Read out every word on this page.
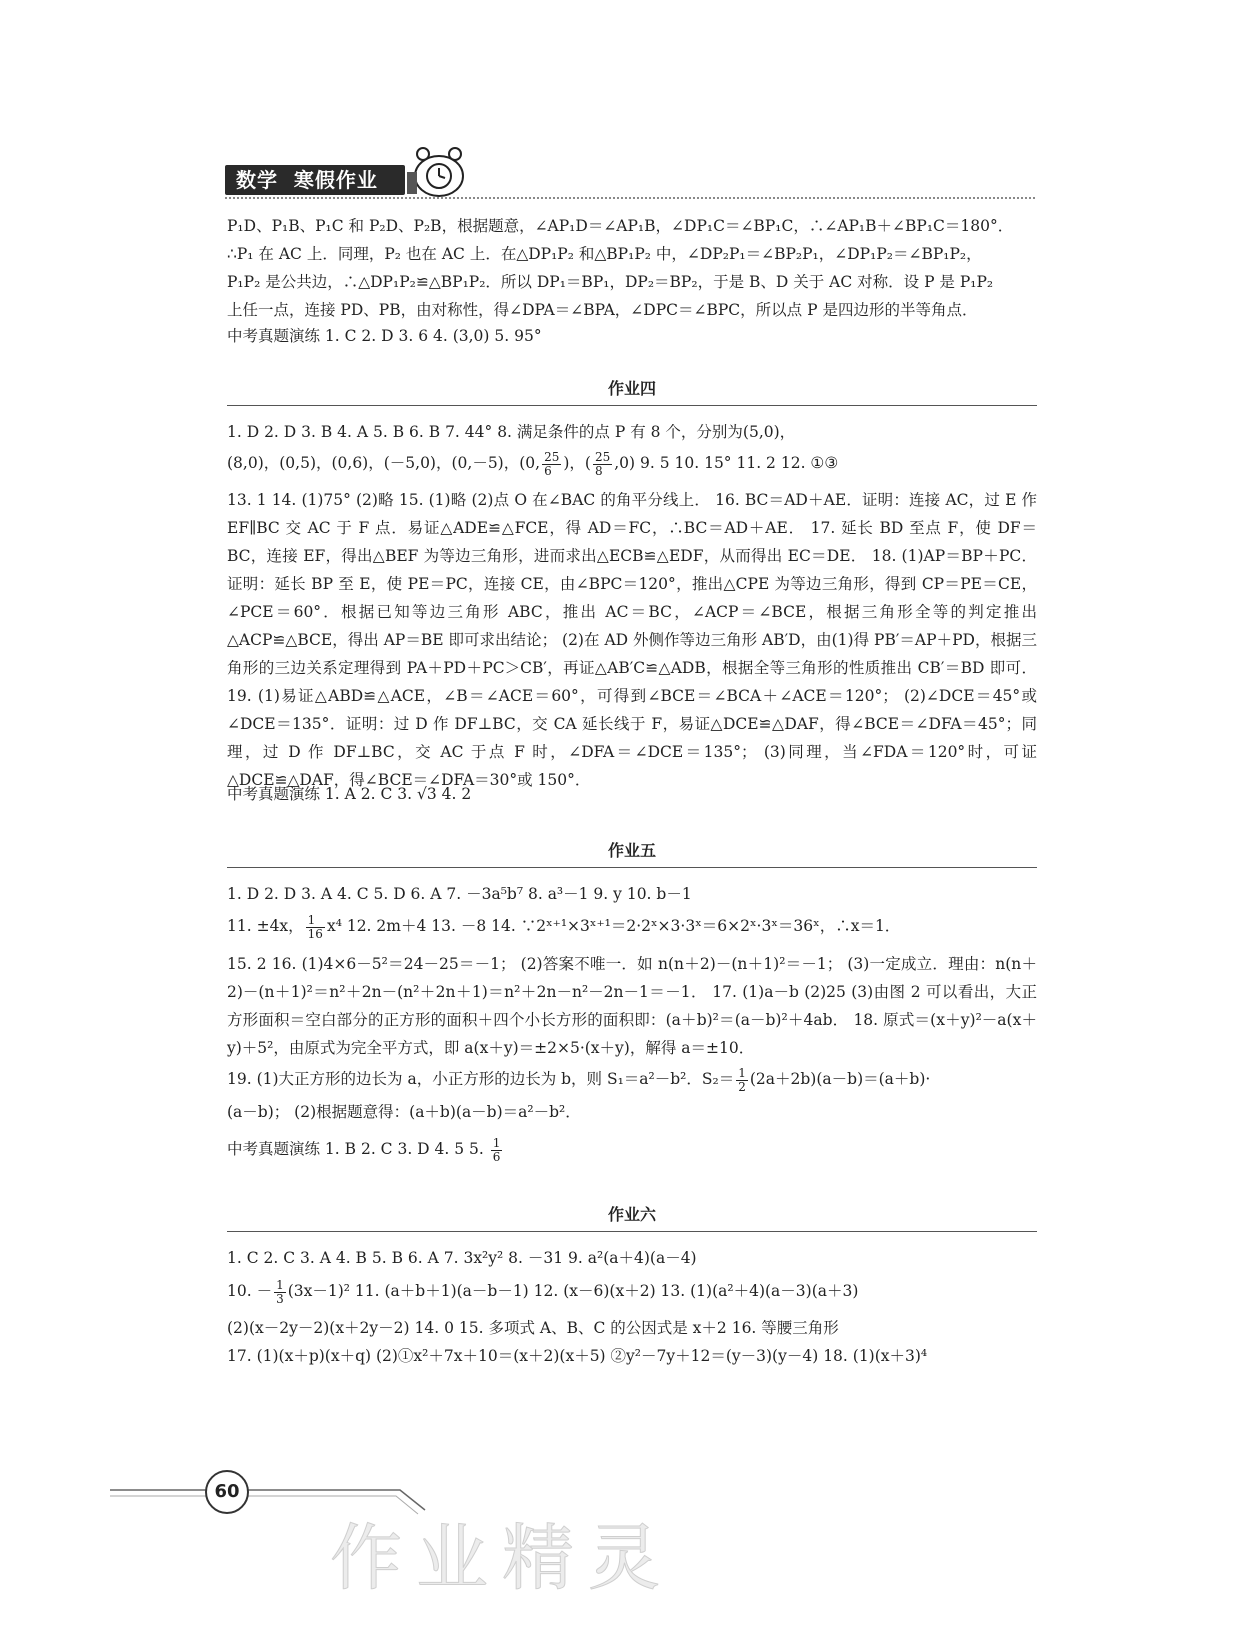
数学  寒假作业
P₁D、P₁B、P₁C 和 P₂D、P₂B，根据题意，∠AP₁D＝∠AP₁B，∠DP₁C＝∠BP₁C，∴∠AP₁B＋∠BP₁C＝180°．
∴P₁ 在 AC 上．同理，P₂ 也在 AC 上．在△DP₁P₂ 和△BP₁P₂ 中，∠DP₂P₁＝∠BP₂P₁，∠DP₁P₂＝∠BP₁P₂，
P₁P₂ 是公共边，∴△DP₁P₂≌△BP₁P₂．所以 DP₁＝BP₁，DP₂＝BP₂，于是 B、D 关于 AC 对称．设 P 是 P₁P₂
上任一点，连接 PD、PB，由对称性，得∠DPA＝∠BPA，∠DPC＝∠BPC，所以点 P 是四边形的半等角点．
中考真题演练 1. C 2. D 3. 6 4. (3,0) 5. 95°
作业四
1. D 2. D 3. B 4. A 5. B 6. B 7. 44° 8. 满足条件的点 P 有 8 个，分别为(5,0)，
(8,0)，(0,5)，(0,6)，(－5,0)，(0,－5)，(0, $\frac{25}{6}$ )，( $\frac{25}{8} ,0$) 9. 5 10. 15° 11. 2 12. ①③
13. 1 14. (1)75° (2)略 15. (1)略 (2)点 O 在∠BAC 的角平分线上． 16. BC＝AD＋AE．证明：连接 AC，过 E 作 EF∥BC 交 AC 于 F 点．易证△ADE≌△FCE，得 AD＝FC，∴BC＝AD＋AE． 17. 延长 BD 至点 F，使 DF＝BC，连接 EF，得出△BEF 为等边三角形，进而求出△ECB≌△EDF，从而得出 EC＝DE． 18. (1)AP＝BP＋PC．证明：延长 BP 至 E，使 PE＝PC，连接 CE，由∠BPC＝120°，推出△CPE 为等边三角形，得到 CP＝PE＝CE，∠PCE＝60°．根据已知等边三角形 ABC，推出 AC＝BC，∠ACP＝∠BCE，根据三角形全等的判定推出△ACP≌△BCE，得出 AP＝BE 即可求出结论； (2)在 AD 外侧作等边三角形 AB′D，由(1)得 PB′＝AP＋PD，根据三角形的三边关系定理得到 PA＋PD＋PC＞CB′，再证△AB′C≌△ADB，根据全等三角形的性质推出 CB′＝BD 即可． 19. (1)易证△ABD≌△ACE，∠B＝∠ACE＝60°，可得到∠BCE＝∠BCA＋∠ACE＝120°； (2)∠DCE＝45°或∠DCE＝135°．证明：过 D 作 DF⊥BC，交 CA 延长线于 F，易证△DCE≌△DAF，得∠BCE＝∠DFA＝45°；同理，过 D 作 DF⊥BC，交 AC 于点 F 时，∠DFA＝∠DCE＝135°； (3)同理，当∠FDA＝120°时，可证△DCE≌△DAF，得∠BCE＝∠DFA＝30°或 150°．
中考真题演练 1. A 2. C 3. √3 4. 2
作业五
1. D 2. D 3. A 4. C 5. D 6. A 7. －3a⁵b⁷ 8. a³－1 9. y 10. b－1
11. ±4x， $\frac{1}{16} x^4$ 12. 2m＋4 13. －8 14. ∵2ˣ⁺¹×3ˣ⁺¹＝2·2ˣ×3·3ˣ＝6×2ˣ·3ˣ＝36ˣ，∴x＝1．
15. 2 16. (1)4×6－5²＝24－25＝－1； (2)答案不唯一．如 n(n＋2)－(n＋1)²＝－1； (3)一定成立．理由：n(n＋2)－(n＋1)²＝n²＋2n－(n²＋2n＋1)＝n²＋2n－n²－2n－1＝－1． 17. (1)a－b (2)25 (3)由图 2 可以看出，大正方形面积＝空白部分的正方形的面积＋四个小长方形的面积即：(a＋b)²＝(a－b)²＋4ab． 18. 原式＝(x＋y)²－a(x＋y)＋5²，由原式为完全平方式，即 a(x＋y)＝±2×5·(x＋y)，解得 a＝±10．
19. (1)大正方形的边长为 a，小正方形的边长为 b，则 S₁＝a²－b²．$S_2= \frac{1}{2} (2a+2b)(a-b)=(a+b)\cdot$
(a－b)； (2)根据题意得：(a＋b)(a－b)＝a²－b²．
中考真题演练 1. B 2. C 3. D 4. 5 5. $\frac{1}{6}$
作业六
1. C 2. C 3. A 4. B 5. B 6. A 7. 3x²y² 8. －31 9. a²(a＋4)(a－4)
10. － $\frac{1}{3} (3x-1)^2$ 11. (a＋b＋1)(a－b－1) 12. (x－6)(x＋2) 13. (1)(a²＋4)(a－3)(a＋3)
(2)(x－2y－2)(x＋2y－2) 14. 0 15. 多项式 A、B、C 的公因式是 x＋2 16. 等腰三角形
17. (1)(x＋p)(x＋q) (2)①x²＋7x＋10＝(x＋2)(x＋5) ②y²－7y＋12＝(y－3)(y－4) 18. (1)(x＋3)⁴
60
作业精灵
